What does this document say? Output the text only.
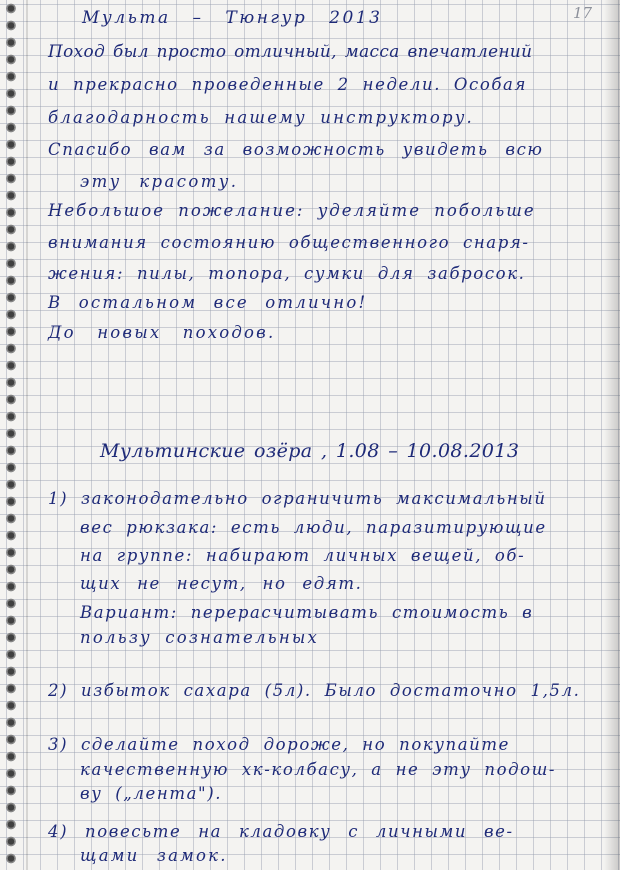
17
Мульта – Тюнгур 2013
Поход был просто отличный, масса впечатлений
и прекрасно проведенные 2 недели. Особая
благодарность нашему инструктору.
Спасибо вам за возможность увидеть всю
эту красоту.
Небольшое пожелание: уделяйте побольше
внимания состоянию общественного снаря-
жения: пилы, топора, сумки для забросок.
В остальном все отлично!
До новых походов.
Мультинские озёра , 1.08 – 10.08.2013
1) законодательно ограничить максимальный
вес рюкзака: есть люди, паразитирующие
на группе: набирают личных вещей, об-
щих не несут, но едят.
Вариант: перерасчитывать стоимость в
пользу сознательных
2) избыток сахара (5л). Было достаточно 1,5л.
3) сделайте поход дороже, но покупайте
качественную хк-колбасу, а не эту подош-
ву („лента").
4) повесьте на кладовку с личными ве-
щами замок.
